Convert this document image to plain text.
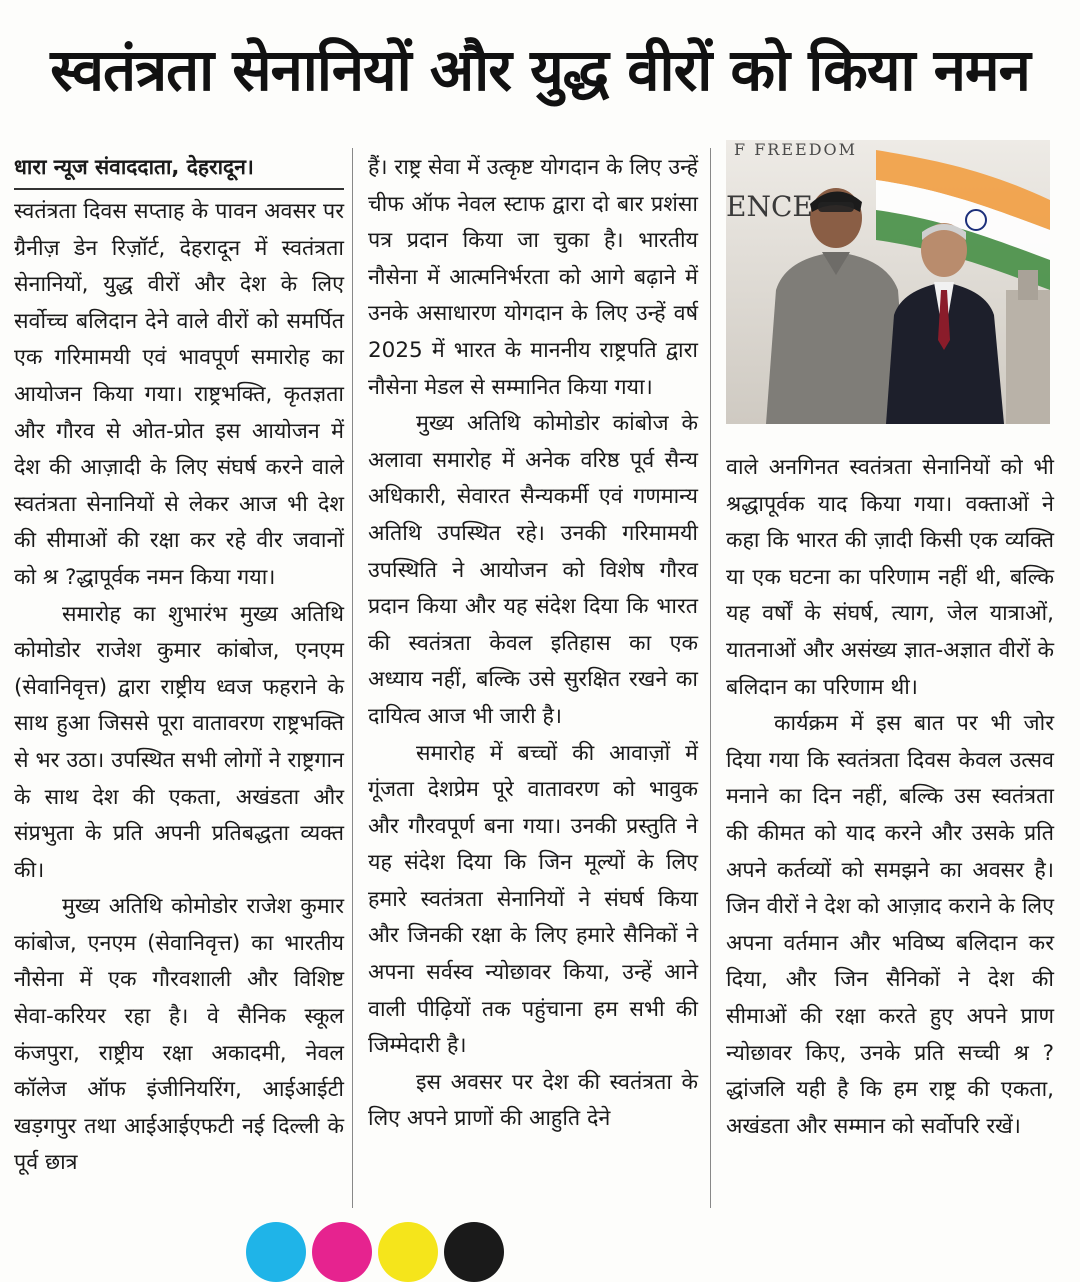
स्वतंत्रता सेनानियों और युद्ध वीरों को किया नमन

धारा न्यूज संवाददाता, देहरादून।

स्वतंत्रता दिवस सप्ताह के पावन अवसर पर ग्रैनीज़ डेन रिज़ॉर्ट, देहरादून में स्वतंत्रता सेनानियों, युद्ध वीरों और देश के लिए सर्वोच्च बलिदान देने वाले वीरों को समर्पित एक गरिमामयी एवं भावपूर्ण समारोह का आयोजन किया गया। राष्ट्रभक्ति, कृतज्ञता और गौरव से ओत-प्रोत इस आयोजन में देश की आज़ादी के लिए संघर्ष करने वाले स्वतंत्रता सेनानियों से लेकर आज भी देश की सीमाओं की रक्षा कर रहे वीर जवानों को श्र ?द्धापूर्वक नमन किया गया।

समारोह का शुभारंभ मुख्य अतिथि कोमोडोर राजेश कुमार कांबोज, एनएम (सेवानिवृत्त) द्वारा राष्ट्रीय ध्वज फहराने के साथ हुआ जिससे पूरा वातावरण राष्ट्रभक्ति से भर उठा। उपस्थित सभी लोगों ने राष्ट्रगान के साथ देश की एकता, अखंडता और संप्रभुता के प्रति अपनी प्रतिबद्धता व्यक्त की।

मुख्य अतिथि कोमोडोर राजेश कुमार कांबोज, एनएम (सेवानिवृत्त) का भारतीय नौसेना में एक गौरवशाली और विशिष्ट सेवा-करियर रहा है। वे सैनिक स्कूल कंजपुरा, राष्ट्रीय रक्षा अकादमी, नेवल कॉलेज ऑफ इंजीनियरिंग, आईआईटी खड़गपुर तथा आईआईएफटी नई दिल्ली के पूर्व छात्र

हैं। राष्ट्र सेवा में उत्कृष्ट योगदान के लिए उन्हें चीफ ऑफ नेवल स्टाफ द्वारा दो बार प्रशंसा पत्र प्रदान किया जा चुका है। भारतीय नौसेना में आत्मनिर्भरता को आगे बढ़ाने में उनके असाधारण योगदान के लिए उन्हें वर्ष 2025 में भारत के माननीय राष्ट्रपति द्वारा नौसेना मेडल से सम्मानित किया गया।

मुख्य अतिथि कोमोडोर कांबोज के अलावा समारोह में अनेक वरिष्ठ पूर्व सैन्य अधिकारी, सेवारत सैन्यकर्मी एवं गणमान्य अतिथि उपस्थित रहे। उनकी गरिमामयी उपस्थिति ने आयोजन को विशेष गौरव प्रदान किया और यह संदेश दिया कि भारत की स्वतंत्रता केवल इतिहास का एक अध्याय नहीं, बल्कि उसे सुरक्षित रखने का दायित्व आज भी जारी है।

समारोह में बच्चों की आवाज़ों में गूंजता देशप्रेम पूरे वातावरण को भावुक और गौरवपूर्ण बना गया। उनकी प्रस्तुति ने यह संदेश दिया कि जिन मूल्यों के लिए हमारे स्वतंत्रता सेनानियों ने संघर्ष किया और जिनकी रक्षा के लिए हमारे सैनिकों ने अपना सर्वस्व न्योछावर किया, उन्हें आने वाली पीढ़ियों तक पहुंचाना हम सभी की जिम्मेदारी है।

इस अवसर पर देश की स्वतंत्रता के लिए अपने प्राणों की आहुति देने

F FREEDOM
ENCE

वाले अनगिनत स्वतंत्रता सेनानियों को भी श्रद्धापूर्वक याद किया गया। वक्ताओं ने कहा कि भारत की ज़ादी किसी एक व्यक्ति या एक घटना का परिणाम नहीं थी, बल्कि यह वर्षों के संघर्ष, त्याग, जेल यात्राओं, यातनाओं और असंख्य ज्ञात-अज्ञात वीरों के बलिदान का परिणाम थी।

कार्यक्रम में इस बात पर भी जोर दिया गया कि स्वतंत्रता दिवस केवल उत्सव मनाने का दिन नहीं, बल्कि उस स्वतंत्रता की कीमत को याद करने और उसके प्रति अपने कर्तव्यों को समझने का अवसर है। जिन वीरों ने देश को आज़ाद कराने के लिए अपना वर्तमान और भविष्य बलिदान कर दिया, और जिन सैनिकों ने देश की सीमाओं की रक्षा करते हुए अपने प्राण न्योछावर किए, उनके प्रति सच्ची श्र ?द्धांजलि यही है कि हम राष्ट्र की एकता, अखंडता और सम्मान को सर्वोपरि रखें।
